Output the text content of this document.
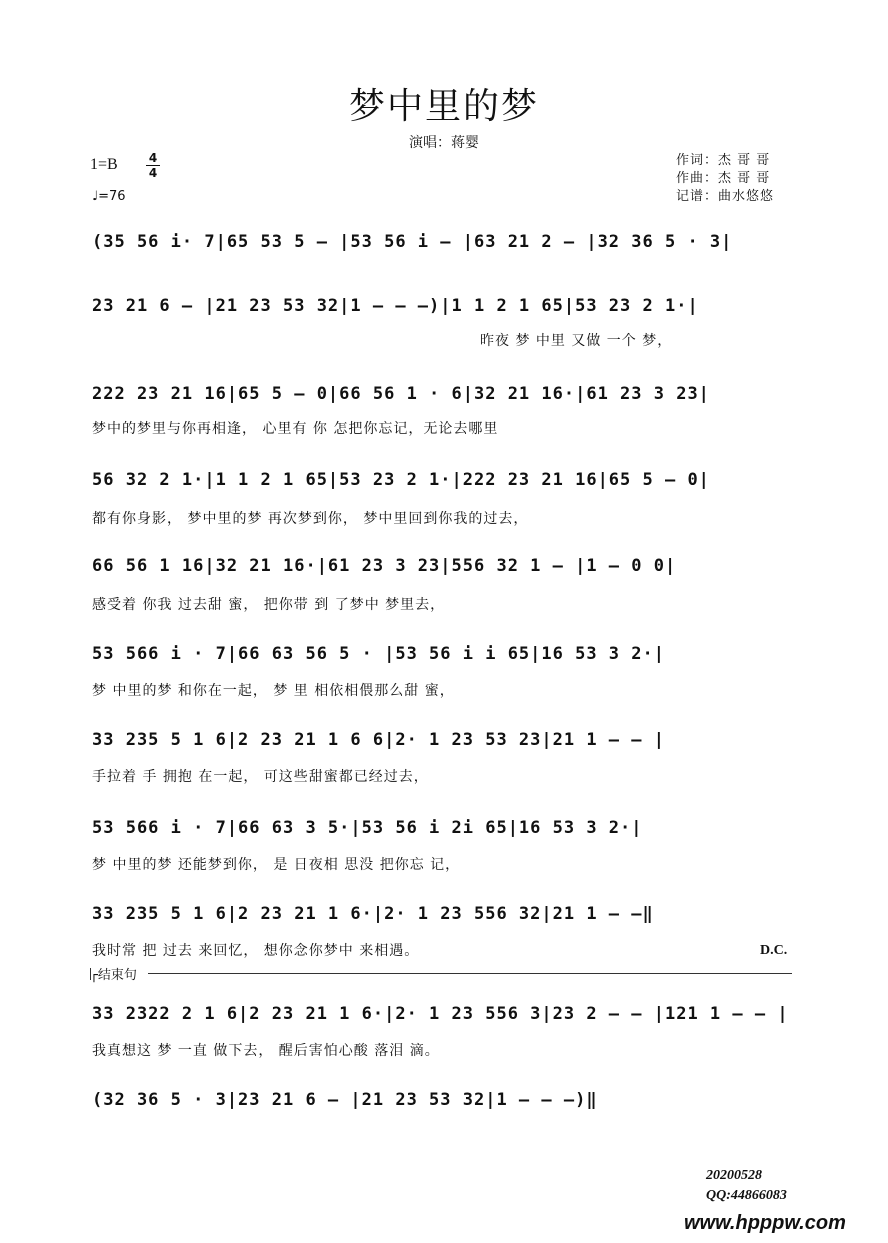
梦中里的梦
演唱：蒋婴
1=B	4
4
♩=76
作词：杰 哥 哥
作曲：杰 哥 哥
记谱：曲水悠悠
(35 56 i· 7|65 53 5 – |53 56 i – |63 21 2 – |32 36 5 · 3|
23 21 6 – |21 23 53 32|1 – – –)|1 1 2 1 65|53 23 2 1·|
昨夜 梦 中里 又做 一个 梦，
222 23 21 16|65 5 – 0|66 56 1 · 6|32 21 16·|61 23 3 23|
梦中的梦里与你再相逢， 心里有 你 怎把你忘记，无论去哪里
56 32 2 1·|1 1 2 1 65|53 23 2 1·|222 23 21 16|65 5 – 0|
都有你身影， 梦中里的梦 再次梦到你， 梦中里回到你我的过去，
66 56 1 16|32 21 16·|61 23 3 23|556 32 1 – |1 – 0 0|
感受着 你我 过去甜 蜜， 把你带 到 了梦中 梦里去，
53 566 i · 7|66 63 56 5 · |53 56 i i 65|16 53 3 2·|
梦 中里的梦 和你在一起， 梦 里 相依相偎那么甜 蜜，
33 235 5 1 6|2 23 21 1 6 6|2· 1 23 53 23|21 1 – – |
手拉着 手 拥抱 在一起， 可这些甜蜜都已经过去，
53 566 i · 7|66 63 3 5·|53 56 i 2i 65|16 53 3 2·|
梦 中里的梦 还能梦到你， 是 日夜相 思没 把你忘 记，
33 235 5 1 6|2 23 21 1 6·|2· 1 23 556 32|21 1 – –‖
我时常 把 过去 来回忆， 想你念你梦中 来相遇。	D.C.
┌结束句
33 2322 2 1 6|2 23 21 1 6·|2· 1 23 556 3|23 2 – – |121 1 – – |
我真想这 梦 一直 做下去， 醒后害怕心酸 落泪 滴。
(32 36 5 · 3|23 21 6 – |21 23 53 32|1 – – –)‖
20200528
QQ:44866083
www.hpppw.com
